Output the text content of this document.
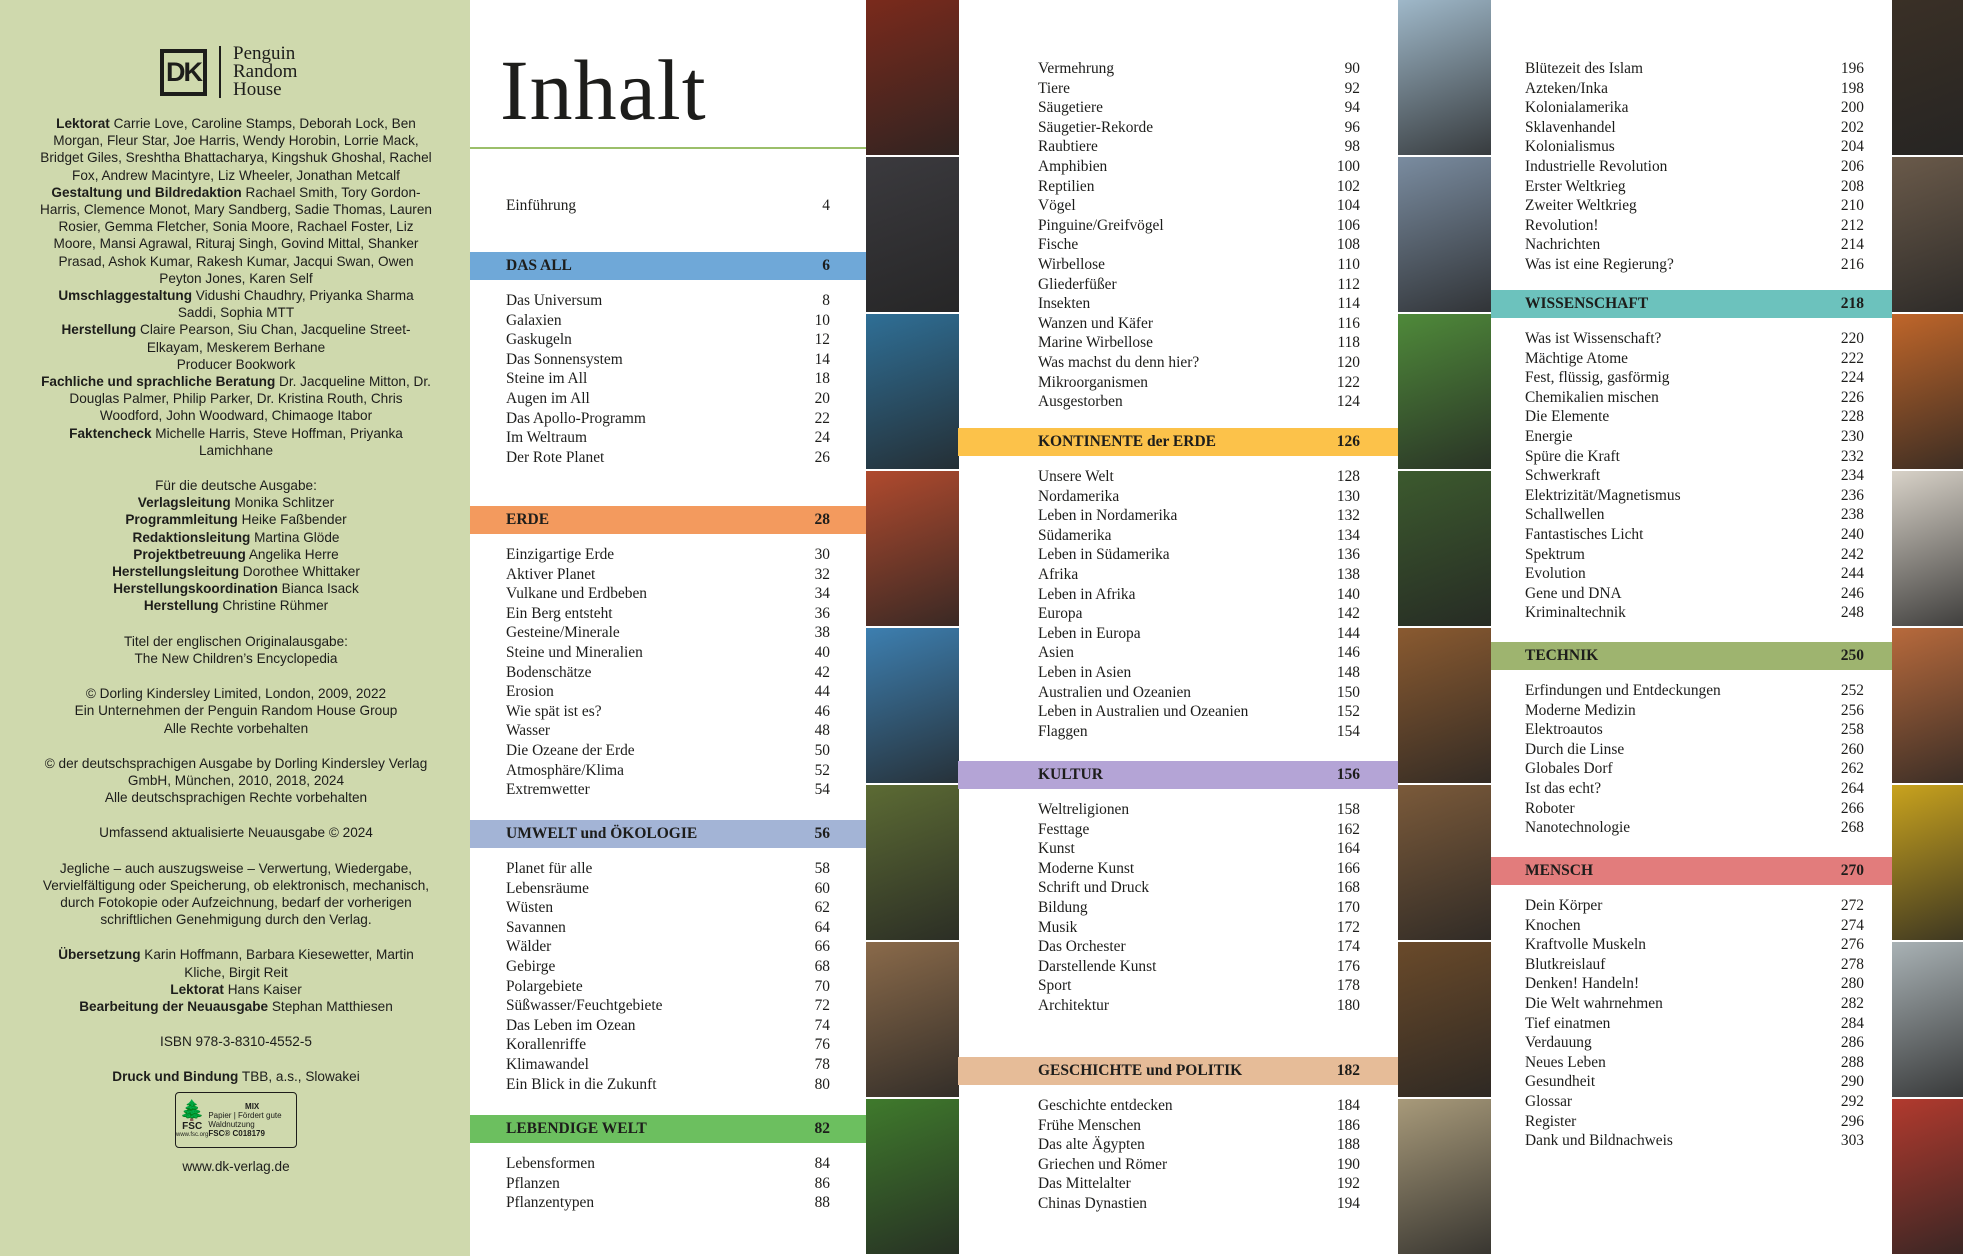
DK
Penguin
Random
House

Lektorat Carrie Love, Caroline Stamps, Deborah Lock, Ben Morgan, Fleur Star, Joe Harris, Wendy Horobin, Lorrie Mack, Bridget Giles, Sreshtha Bhattacharya, Kingshuk Ghoshal, Rachel Fox, Andrew Macintyre, Liz Wheeler, Jonathan Metcalf

Gestaltung und Bildredaktion Rachael Smith, Tory Gordon-Harris, Clemence Monot, Mary Sandberg, Sadie Thomas, Lauren Rosier, Gemma Fletcher, Sonia Moore, Rachael Foster, Liz Moore, Mansi Agrawal, Rituraj Singh, Govind Mittal, Shanker Prasad, Ashok Kumar, Rakesh Kumar, Jacqui Swan, Owen Peyton Jones, Karen Self

Umschlaggestaltung Vidushi Chaudhry, Priyanka Sharma Saddi, Sophia MTT

Herstellung Claire Pearson, Siu Chan, Jacqueline Street-Elkayam, Meskerem Berhane

Producer Bookwork

Fachliche und sprachliche Beratung Dr. Jacqueline Mitton, Dr. Douglas Palmer, Philip Parker, Dr. Kristina Routh, Chris Woodford, John Woodward, Chimaoge Itabor

Faktencheck Michelle Harris, Steve Hoffman, Priyanka Lamichhane

Für die deutsche Ausgabe:

Verlagsleitung Monika Schlitzer

Programmleitung Heike Faßbender

Redaktionsleitung Martina Glöde

Projektbetreuung Angelika Herre

Herstellungsleitung Dorothee Whittaker

Herstellungskoordination Bianca Isack

Herstellung Christine Rühmer

Titel der englischen Originalausgabe:

The New Children’s Encyclopedia

© Dorling Kindersley Limited, London, 2009, 2022

Ein Unternehmen der Penguin Random House Group

Alle Rechte vorbehalten

© der deutschsprachigen Ausgabe by Dorling Kindersley Verlag GmbH, München, 2010, 2018, 2024

Alle deutschsprachigen Rechte vorbehalten

Umfassend aktualisierte Neuausgabe © 2024

Jegliche – auch auszugsweise – Verwertung, Wiedergabe, Vervielfältigung oder Speicherung, ob elektronisch, mechanisch, durch Fotokopie oder Aufzeichnung, bedarf der vorherigen schriftlichen Genehmigung durch den Verlag.

Übersetzung Karin Hoffmann, Barbara Kiesewetter, Martin Kliche, Birgit Reit

Lektorat Hans Kaiser

Bearbeitung der Neuausgabe Stephan Matthiesen

ISBN 978-3-8310-4552-5

Druck und Bindung TBB, a.s., Slowakei

🌲
FSC
www.fsc.org
MIX
Papier | Fördert gute Waldnutzung
FSC® C018179

www.dk-verlag.de

Inhalt
Einführung	4
DAS ALL	6
Das Universum	8
Galaxien	10
Gaskugeln	12
Das Sonnensystem	14
Steine im All	18
Augen im All	20
Das Apollo-Programm	22
Im Weltraum	24
Der Rote Planet	26
ERDE	28
Einzigartige Erde	30
Aktiver Planet	32
Vulkane und Erdbeben	34
Ein Berg entsteht	36
Gesteine/Minerale	38
Steine und Mineralien	40
Bodenschätze	42
Erosion	44
Wie spät ist es?	46
Wasser	48
Die Ozeane der Erde	50
Atmosphäre/Klima	52
Extremwetter	54
UMWELT und ÖKOLOGIE	56
Planet für alle	58
Lebensräume	60
Wüsten	62
Savannen	64
Wälder	66
Gebirge	68
Polargebiete	70
Süßwasser/Feuchtgebiete	72
Das Leben im Ozean	74
Korallenriffe	76
Klimawandel	78
Ein Blick in die Zukunft	80
LEBENDIGE WELT	82
Lebensformen	84
Pflanzen	86
Pflanzentypen	88
Vermehrung	90
Tiere	92
Säugetiere	94
Säugetier-Rekorde	96
Raubtiere	98
Amphibien	100
Reptilien	102
Vögel	104
Pinguine/Greifvögel	106
Fische	108
Wirbellose	110
Gliederfüßer	112
Insekten	114
Wanzen und Käfer	116
Marine Wirbellose	118
Was machst du denn hier?	120
Mikroorganismen	122
Ausgestorben	124
KONTINENTE der ERDE	126
Unsere Welt	128
Nordamerika	130
Leben in Nordamerika	132
Südamerika	134
Leben in Südamerika	136
Afrika	138
Leben in Afrika	140
Europa	142
Leben in Europa	144
Asien	146
Leben in Asien	148
Australien und Ozeanien	150
Leben in Australien und Ozeanien	152
Flaggen	154
KULTUR	156
Weltreligionen	158
Festtage	162
Kunst	164
Moderne Kunst	166
Schrift und Druck	168
Bildung	170
Musik	172
Das Orchester	174
Darstellende Kunst	176
Sport	178
Architektur	180
GESCHICHTE und POLITIK	182
Geschichte entdecken	184
Frühe Menschen	186
Das alte Ägypten	188
Griechen und Römer	190
Das Mittelalter	192
Chinas Dynastien	194
Blütezeit des Islam	196
Azteken/Inka	198
Kolonialamerika	200
Sklavenhandel	202
Kolonialismus	204
Industrielle Revolution	206
Erster Weltkrieg	208
Zweiter Weltkrieg	210
Revolution!	212
Nachrichten	214
Was ist eine Regierung?	216
WISSENSCHAFT	218
Was ist Wissenschaft?	220
Mächtige Atome	222
Fest, flüssig, gasförmig	224
Chemikalien mischen	226
Die Elemente	228
Energie	230
Spüre die Kraft	232
Schwerkraft	234
Elektrizität/Magnetismus	236
Schallwellen	238
Fantastisches Licht	240
Spektrum	242
Evolution	244
Gene und DNA	246
Kriminaltechnik	248
TECHNIK	250
Erfindungen und Entdeckungen	252
Moderne Medizin	256
Elektroautos	258
Durch die Linse	260
Globales Dorf	262
Ist das echt?	264
Roboter	266
Nanotechnologie	268
MENSCH	270
Dein Körper	272
Knochen	274
Kraftvolle Muskeln	276
Blutkreislauf	278
Denken! Handeln!	280
Die Welt wahrnehmen	282
Tief einatmen	284
Verdauung	286
Neues Leben	288
Gesundheit	290
Glossar	292
Register	296
Dank und Bildnachweis	303
